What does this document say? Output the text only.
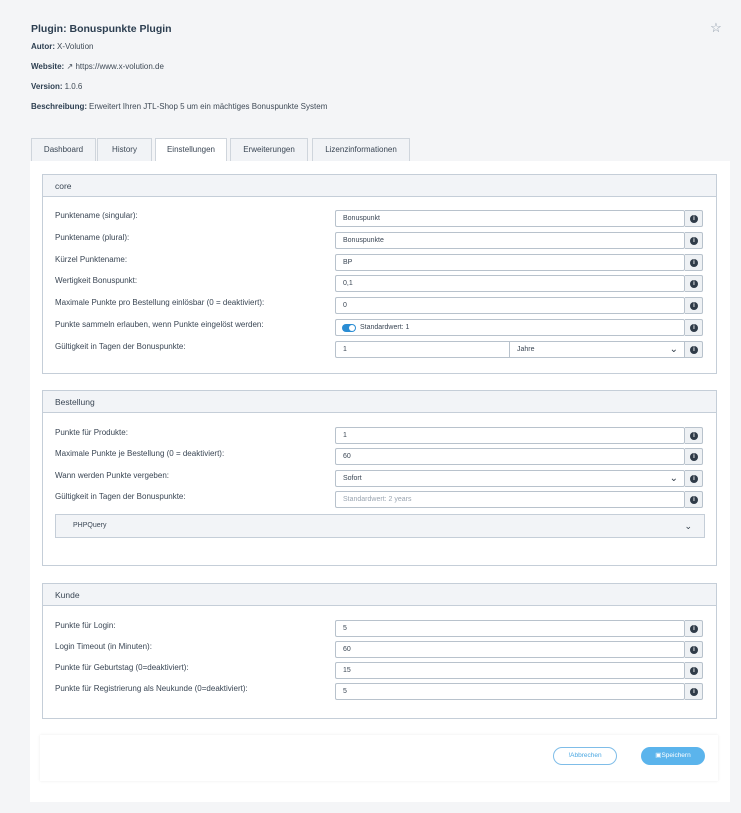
Plugin: Bonuspunkte Plugin	☆
Autor: X-Volution
Website: ↗ https://www.x-volution.de
Version: 1.0.6
Beschreibung: Erweitert Ihren JTL-Shop 5 um ein mächtiges Bonuspunkte System
Dashboard	History	Einstellungen	Erweiterungen	Lizenzinformationen
core
Punktename (singular):	Bonuspunkt	i
Punktename (plural):	Bonuspunkte	i
Kürzel Punktename:	BP	i
Wertigkeit Bonuspunkt:	0,1	i
Maximale Punkte pro Bestellung einlösbar (0 = deaktiviert):	0	i
Punkte sammeln erlauben, wenn Punkte eingelöst werden:	Standardwert: 1	i
Gültigkeit in Tagen der Bonuspunkte:	1	Jahre	⌄	i
Bestellung
Punkte für Produkte:	1	i
Maximale Punkte je Bestellung (0 = deaktiviert):	60	i
Wann werden Punkte vergeben:	Sofort	⌄	i
Gültigkeit in Tagen der Bonuspunkte:	Standardwert: 2 years	i
PHPQuery	⌄
Kunde
Punkte für Login:	5	i
Login Timeout (in Minuten):	60	i
Punkte für Geburtstag (0=deaktiviert):	15	i
Punkte für Registrierung als Neukunde (0=deaktiviert):	5	i
!Abbrechen	▣Speichern
